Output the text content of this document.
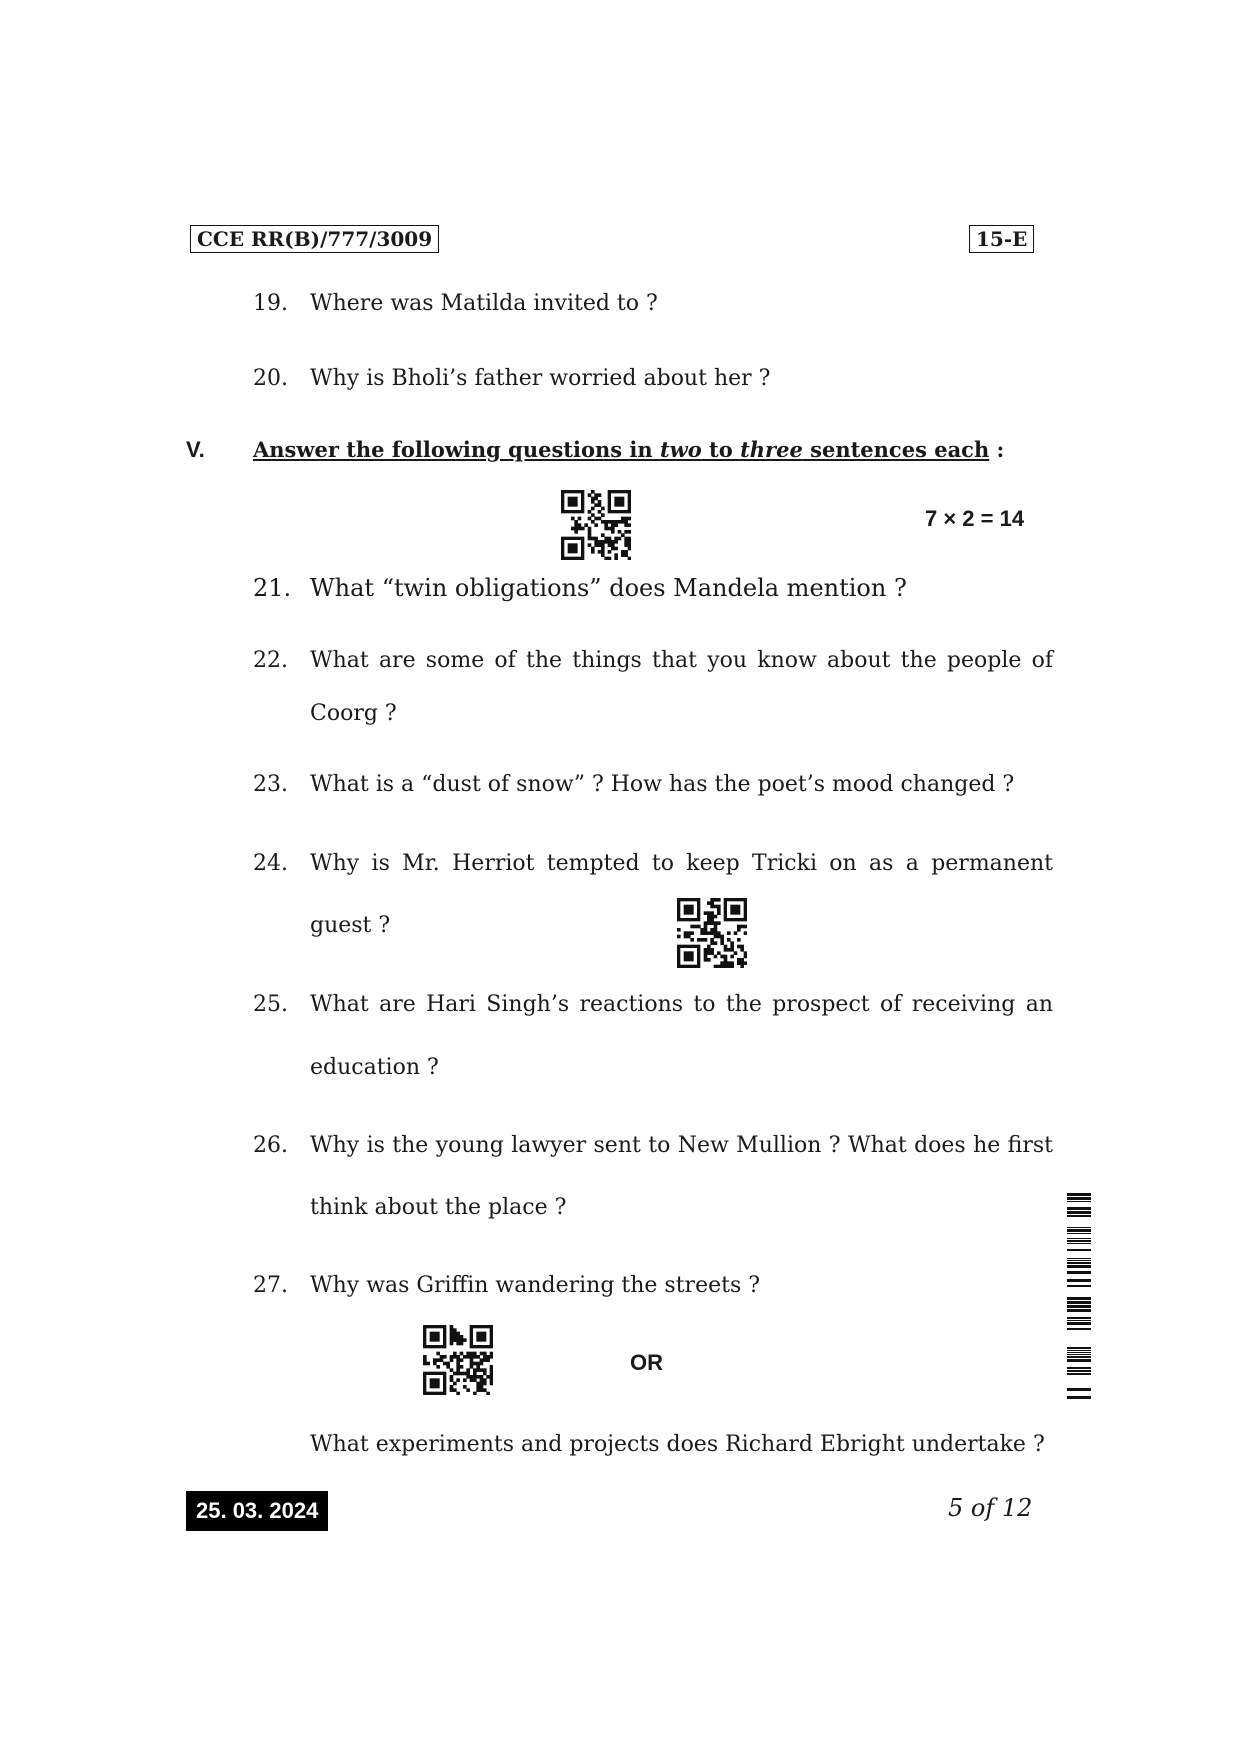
CCE RR(B)/777/3009	15-E
19. Where was Matilda invited to ?
20. Why is Bholi’s father worried about her ?
V. Answer the following questions in two to three sentences each :
7 × 2 = 14
21. What “twin obligations” does Mandela mention ?
22. What are some of the things that you know about the people of
Coorg ?
23. What is a “dust of snow” ? How has the poet’s mood changed ?
24. Why is Mr. Herriot tempted to keep Tricki on as a permanent
guest ?
25. What are Hari Singh’s reactions to the prospect of receiving an
education ?
26. Why is the young lawyer sent to New Mullion ? What does he first
think about the place ?
27. Why was Griffin wandering the streets ?
OR
What experiments and projects does Richard Ebright undertake ?
25. 03. 2024	5 of 12
